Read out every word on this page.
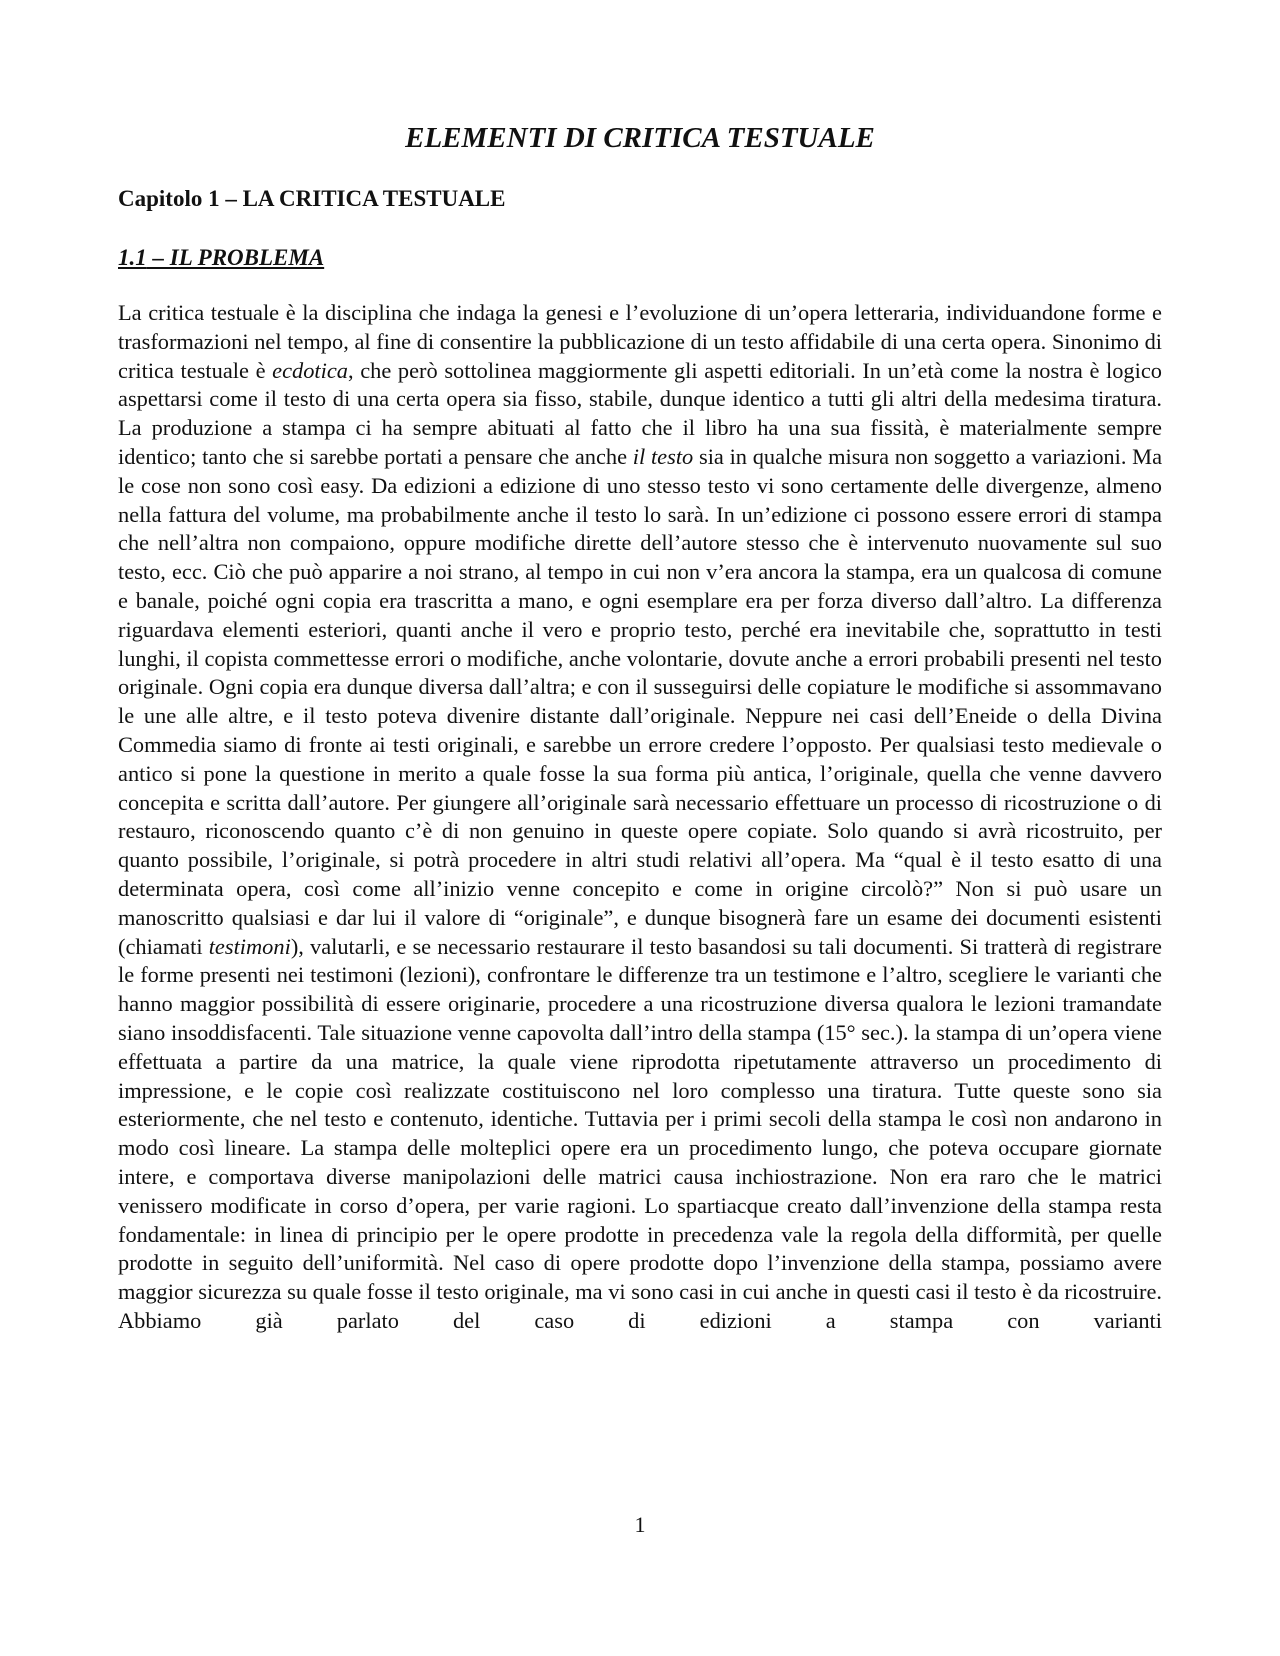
ELEMENTI DI CRITICA TESTUALE
Capitolo 1 – LA CRITICA TESTUALE
1.1 – IL PROBLEMA

La critica testuale è la disciplina che indaga la genesi e l’evoluzione di un’opera letteraria, individuandone forme e trasformazioni nel tempo, al fine di consentire la pubblicazione di un testo affidabile di una certa opera. Sinonimo di critica testuale è ecdotica, che però sottolinea maggiormente gli aspetti editoriali. In un’età come la nostra è logico aspettarsi come il testo di una certa opera sia fisso, stabile, dunque identico a tutti gli altri della medesima tiratura. La produzione a stampa ci ha sempre abituati al fatto che il libro ha una sua fissità, è materialmente sempre identico; tanto che si sarebbe portati a pensare che anche il testo sia in qualche misura non soggetto a variazioni. Ma le cose non sono così easy. Da edizioni a edizione di uno stesso testo vi sono certamente delle divergenze, almeno nella fattura del volume, ma probabilmente anche il testo lo sarà. In un’edizione ci possono essere errori di stampa che nell’altra non compaiono, oppure modifiche dirette dell’autore stesso che è intervenuto nuovamente sul suo testo, ecc. Ciò che può apparire a noi strano, al tempo in cui non v’era ancora la stampa, era un qualcosa di comune e banale, poiché ogni copia era trascritta a mano, e ogni esemplare era per forza diverso dall’altro. La differenza riguardava elementi esteriori, quanti anche il vero e proprio testo, perché era inevitabile che, soprattutto in testi lunghi, il copista commettesse errori o modifiche, anche volontarie, dovute anche a errori probabili presenti nel testo originale. Ogni copia era dunque diversa dall’altra; e con il susseguirsi delle copiature le modifiche si assommavano le une alle altre, e il testo poteva divenire distante dall’originale. Neppure nei casi dell’Eneide o della Divina Commedia siamo di fronte ai testi originali, e sarebbe un errore credere l’opposto. Per qualsiasi testo medievale o antico si pone la questione in merito a quale fosse la sua forma più antica, l’originale, quella che venne davvero concepita e scritta dall’autore. Per giungere all’originale sarà necessario effettuare un processo di ricostruzione o di restauro, riconoscendo quanto c’è di non genuino in queste opere copiate. Solo quando si avrà ricostruito, per quanto possibile, l’originale, si potrà procedere in altri studi relativi all’opera. Ma “qual è il testo esatto di una determinata opera, così come all’inizio venne concepito e come in origine circolò?” Non si può usare un manoscritto qualsiasi e dar lui il valore di “originale”, e dunque bisognerà fare un esame dei documenti esistenti (chiamati testimoni), valutarli, e se necessario restaurare il testo basandosi su tali documenti. Si tratterà di registrare le forme presenti nei testimoni (lezioni), confrontare le differenze tra un testimone e l’altro, scegliere le varianti che hanno maggior possibilità di essere originarie, procedere a una ricostruzione diversa qualora le lezioni tramandate siano insoddisfacenti. Tale situazione venne capovolta dall’intro della stampa (15° sec.). la stampa di un’opera viene effettuata a partire da una matrice, la quale viene riprodotta ripetutamente attraverso un procedimento di impressione, e le copie così realizzate costituiscono nel loro complesso una tiratura. Tutte queste sono sia esteriormente, che nel testo e contenuto, identiche. Tuttavia per i primi secoli della stampa le così non andarono in modo così lineare. La stampa delle molteplici opere era un procedimento lungo, che poteva occupare giornate intere, e comportava diverse manipolazioni delle matrici causa inchiostrazione. Non era raro che le matrici venissero modificate in corso d’opera, per varie ragioni. Lo spartiacque creato dall’invenzione della stampa resta fondamentale: in linea di principio per le opere prodotte in precedenza vale la regola della difformità, per quelle prodotte in seguito dell’uniformità. Nel caso di opere prodotte dopo l’invenzione della stampa, possiamo avere maggior sicurezza su quale fosse il testo originale, ma vi sono casi in cui anche in questi casi il testo è da ricostruire. Abbiamo già parlato del caso di edizioni a stampa con varianti

1
